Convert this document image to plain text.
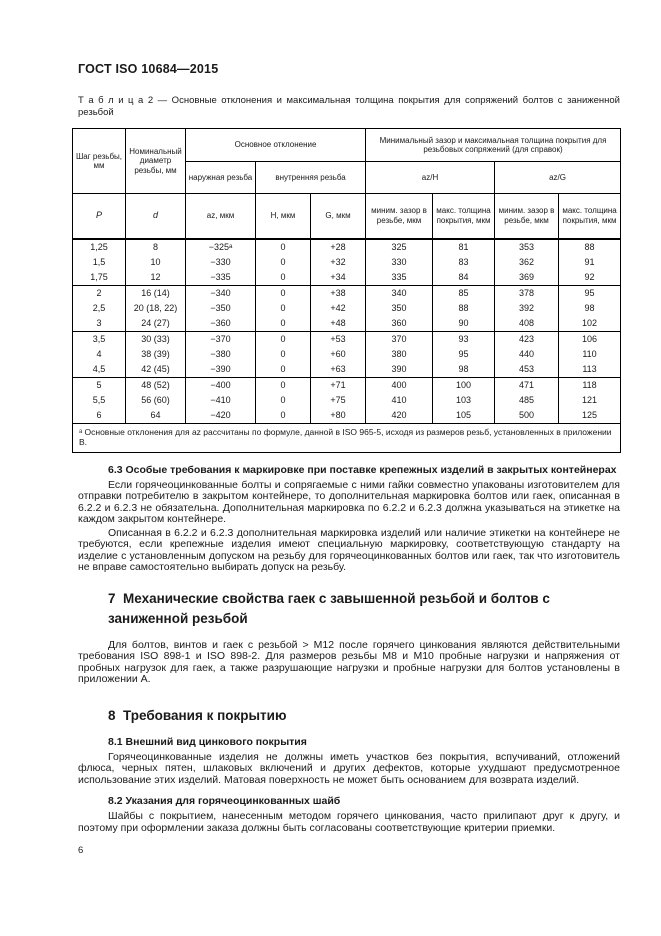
ГОСТ ISO 10684—2015
Т а б л и ц а 2 — Основные отклонения и максимальная толщина покрытия для сопряжений болтов с заниженной резьбой
Шаг резьбы, мм	Номинальный диаметр резьбы, мм	Основное отклонение			Минимальный зазор и максимальная толщина покрытия для резьбовых сопряжений (для справок)			
		наружная резьба	внутренняя резьба		az/H		az/G	
P	d	az, мкм	H, мкм	G, мкм	миним. зазор в резьбе, мкм	макс. толщина покрытия, мкм	миним. зазор в резьбе, мкм	макс. толщина покрытия, мкм
1,25	8	−325ᵃ	0	+28	325	81	353	88
1,5	10	−330	0	+32	330	83	362	91
1,75	12	−335	0	+34	335	84	369	92
2	16 (14)	−340	0	+38	340	85	378	95
2,5	20 (18, 22)	−350	0	+42	350	88	392	98
3	24 (27)	−360	0	+48	360	90	408	102
3,5	30 (33)	−370	0	+53	370	93	423	106
4	38 (39)	−380	0	+60	380	95	440	110
4,5	42 (45)	−390	0	+63	390	98	453	113
5	48 (52)	−400	0	+71	400	100	471	118
5,5	56 (60)	−410	0	+75	410	103	485	121
6	64	−420	0	+80	420	105	500	125
ᵃ Основные отклонения для az рассчитаны по формуле, данной в ISO 965-5, исходя из размеров резьб, установленных в приложении В.								
6.3 Особые требования к маркировке при поставке крепежных изделий в закрытых контейнерах

Если горячеоцинкованные болты и сопрягаемые с ними гайки совместно упакованы изготовителем для отправки потребителю в закрытом контейнере, то дополнительная маркировка болтов или гаек, описанная в 6.2.2 и 6.2.3 не обязательна. Дополнительная маркировка по 6.2.2 и 6.2.3 должна указываться на этикетке на каждом закрытом контейнере.

Описанная в 6.2.2 и 6.2.3 дополнительная маркировка изделий или наличие этикетки на контейнере не требуются, если крепежные изделия имеют специальную маркировку, соответствующую стандарту на изделие с установленным допуском на резьбу для горячеоцинкованных болтов или гаек, так что изготовитель не вправе самостоятельно выбирать допуск на резьбу.

7  Механические свойства гаек с завышенной резьбой и болтов с заниженной резьбой

Для болтов, винтов и гаек с резьбой > М12 после горячего цинкования являются действительными требования ISO 898-1 и ISO 898-2. Для размеров резьбы М8 и М10 пробные нагрузки и напряжения от пробных нагрузок для гаек, а также разрушающие нагрузки и пробные нагрузки для болтов установлены в приложении А.

8  Требования к покрытию
8.1 Внешний вид цинкового покрытия

Горячеоцинкованные изделия не должны иметь участков без покрытия, вспучиваний, отложений флюса, черных пятен, шлаковых включений и других дефектов, которые ухудшают предусмотренное использование этих изделий. Матовая поверхность не может быть основанием для возврата изделий.

8.2 Указания для горячеоцинкованных шайб

Шайбы с покрытием, нанесенным методом горячего цинкования, часто прилипают друг к другу, и поэтому при оформлении заказа должны быть согласованы соответствующие критерии приемки.

6
